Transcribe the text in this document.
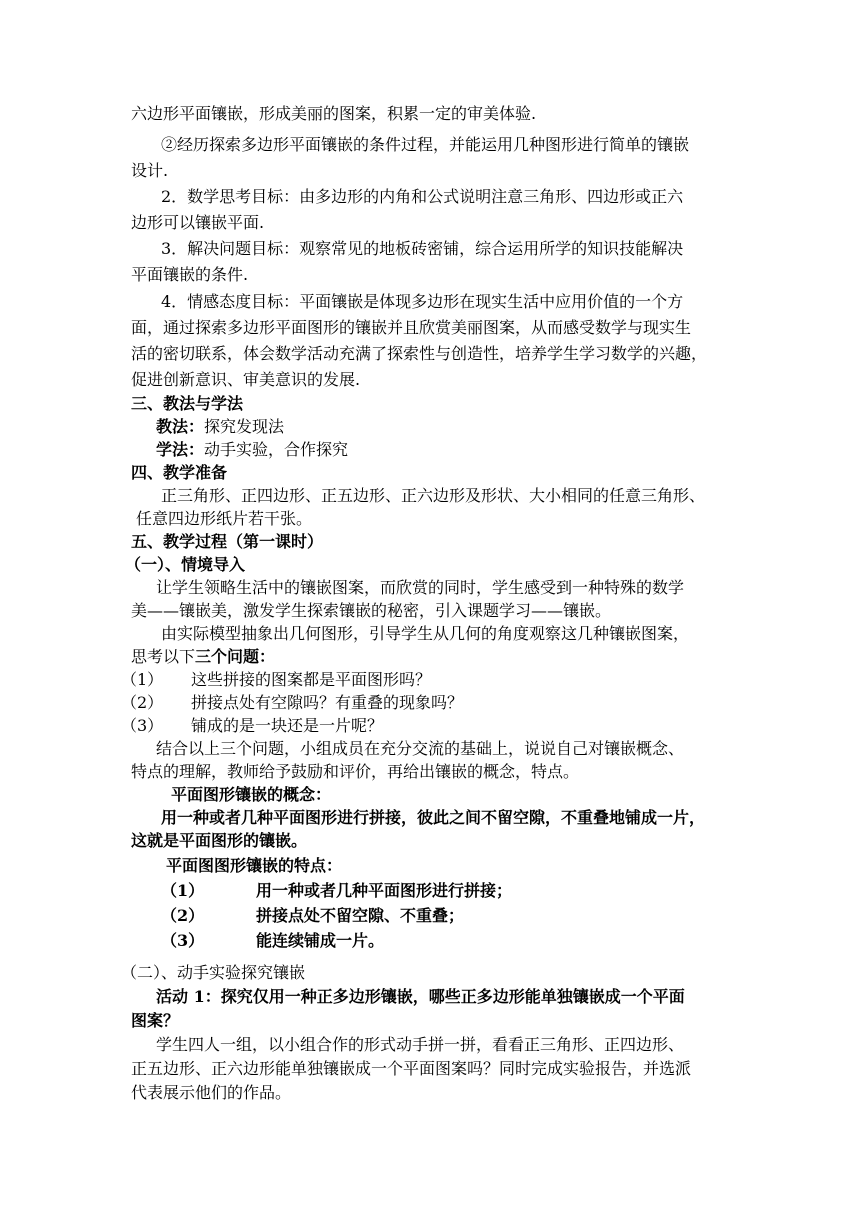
六边形平面镶嵌，形成美丽的图案，积累一定的审美体验.
②经历探索多边形平面镶嵌的条件过程，并能运用几种图形进行简单的镶嵌
设计.
2．数学思考目标：由多边形的内角和公式说明注意三角形、四边形或正六
边形可以镶嵌平面.
3．解决问题目标：观察常见的地板砖密铺，综合运用所学的知识技能解决
平面镶嵌的条件.
4．情感态度目标：平面镶嵌是体现多边形在现实生活中应用价值的一个方
面，通过探索多边形平面图形的镶嵌并且欣赏美丽图案，从而感受数学与现实生
活的密切联系，体会数学活动充满了探索性与创造性，培养学生学习数学的兴趣，
促进创新意识、审美意识的发展.
三、教法与学法
教法：探究发现法
学法：动手实验，合作探究
四、教学准备
正三角形、正四边形、正五边形、正六边形及形状、大小相同的任意三角形、
任意四边形纸片若干张。
五、教学过程（第一课时）
（一）、情境导入
让学生领略生活中的镶嵌图案，而欣赏的同时，学生感受到一种特殊的数学
美——镶嵌美，激发学生探索镶嵌的秘密，引入课题学习——镶嵌。
由实际模型抽象出几何图形，引导学生从几何的角度观察这几种镶嵌图案，
思考以下三个问题：
（1） 这些拼接的图案都是平面图形吗？
（2） 拼接点处有空隙吗？有重叠的现象吗？
（3） 铺成的是一块还是一片呢？
结合以上三个问题，小组成员在充分交流的基础上，说说自己对镶嵌概念、
特点的理解，教师给予鼓励和评价，再给出镶嵌的概念，特点。
平面图形镶嵌的概念：
用一种或者几种平面图形进行拼接，彼此之间不留空隙，不重叠地铺成一片，
这就是平面图形的镶嵌。
平面图图形镶嵌的特点：
（1）	用一种或者几种平面图形进行拼接；
（2）	拼接点处不留空隙、不重叠；
（3）	能连续铺成一片。
（二）、动手实验探究镶嵌
活动 1：探究仅用一种正多边形镶嵌，哪些正多边形能单独镶嵌成一个平面
图案？
学生四人一组，以小组合作的形式动手拼一拼，看看正三角形、正四边形、
正五边形、正六边形能单独镶嵌成一个平面图案吗？同时完成实验报告，并选派
代表展示他们的作品。
